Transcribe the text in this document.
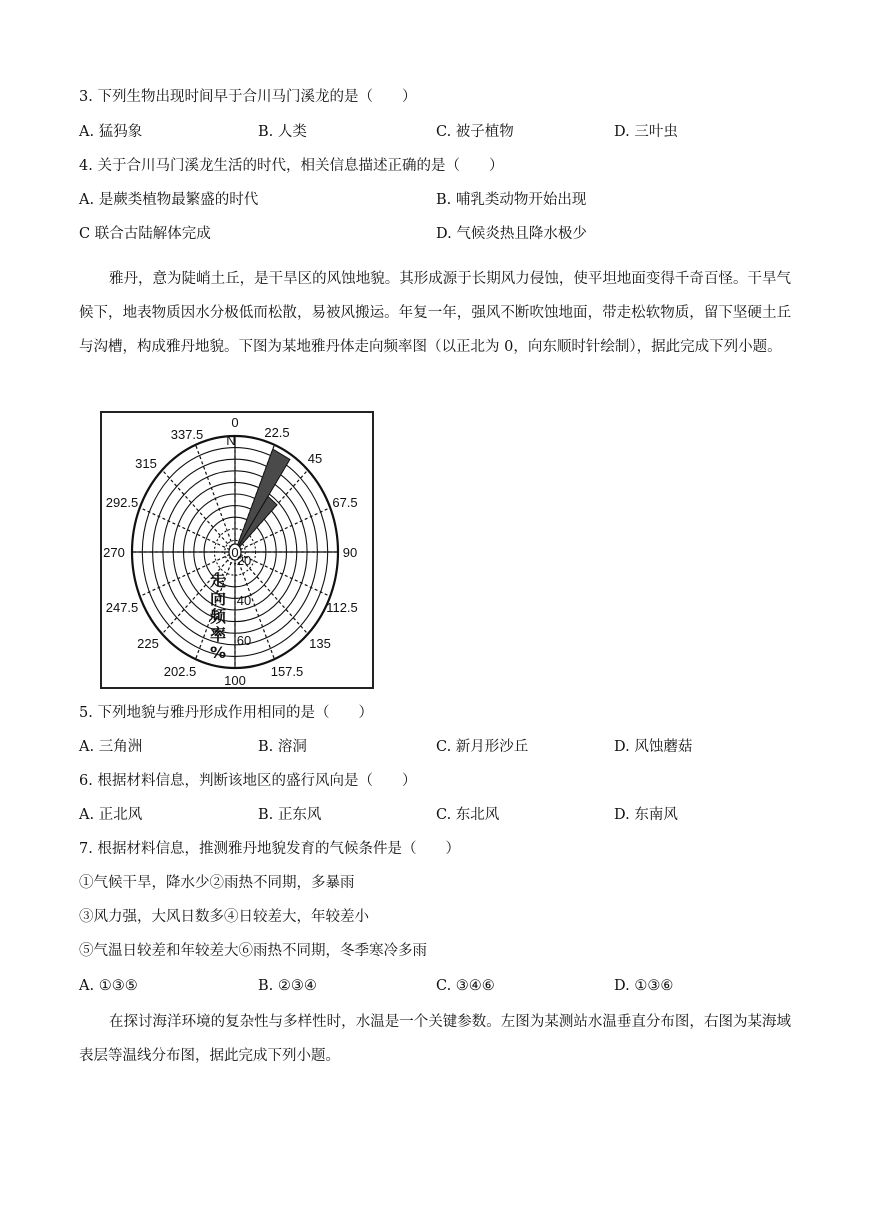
3. 下列生物出现时间早于合川马门溪龙的是（　　）
A. 猛犸象	B. 人类	C. 被子植物	D. 三叶虫
4. 关于合川马门溪龙生活的时代，相关信息描述正确的是（　　）
A. 是蕨类植物最繁盛的时代	B. 哺乳类动物开始出现
C 联合古陆解体完成	D. 气候炎热且降水极少
雅丹，意为陡峭土丘，是干旱区的风蚀地貌。其形成源于长期风力侵蚀，使平坦地面变得千奇百怪。干旱气候下，地表物质因水分极低而松散，易被风搬运。年复一年，强风不断吹蚀地面，带走松软物质，留下坚硬土丘与沟槽，构成雅丹地貌。下图为某地雅丹体走向频率图（以正北为 0，向东顺时针绘制），据此完成下列小题。
0
22.5
45
67.5
90
112.5
135
157.5
100
202.5
225
247.5
270
292.5
315
337.5 N
0
20
40
60
走
向
频
率
%
5. 下列地貌与雅丹形成作用相同的是（　　）
A. 三角洲	B. 溶洞	C. 新月形沙丘	D. 风蚀蘑菇
6. 根据材料信息，判断该地区的盛行风向是（　　）
A. 正北风	B. 正东风	C. 东北风	D. 东南风
7. 根据材料信息，推测雅丹地貌发育的气候条件是（　　）
①气候干旱，降水少②雨热不同期，多暴雨
③风力强，大风日数多④日较差大，年较差小
⑤气温日较差和年较差大⑥雨热不同期，冬季寒冷多雨
A. ①③⑤	B. ②③④	C. ③④⑥	D. ①③⑥
在探讨海洋环境的复杂性与多样性时，水温是一个关键参数。左图为某测站水温垂直分布图，右图为某海域表层等温线分布图，据此完成下列小题。
